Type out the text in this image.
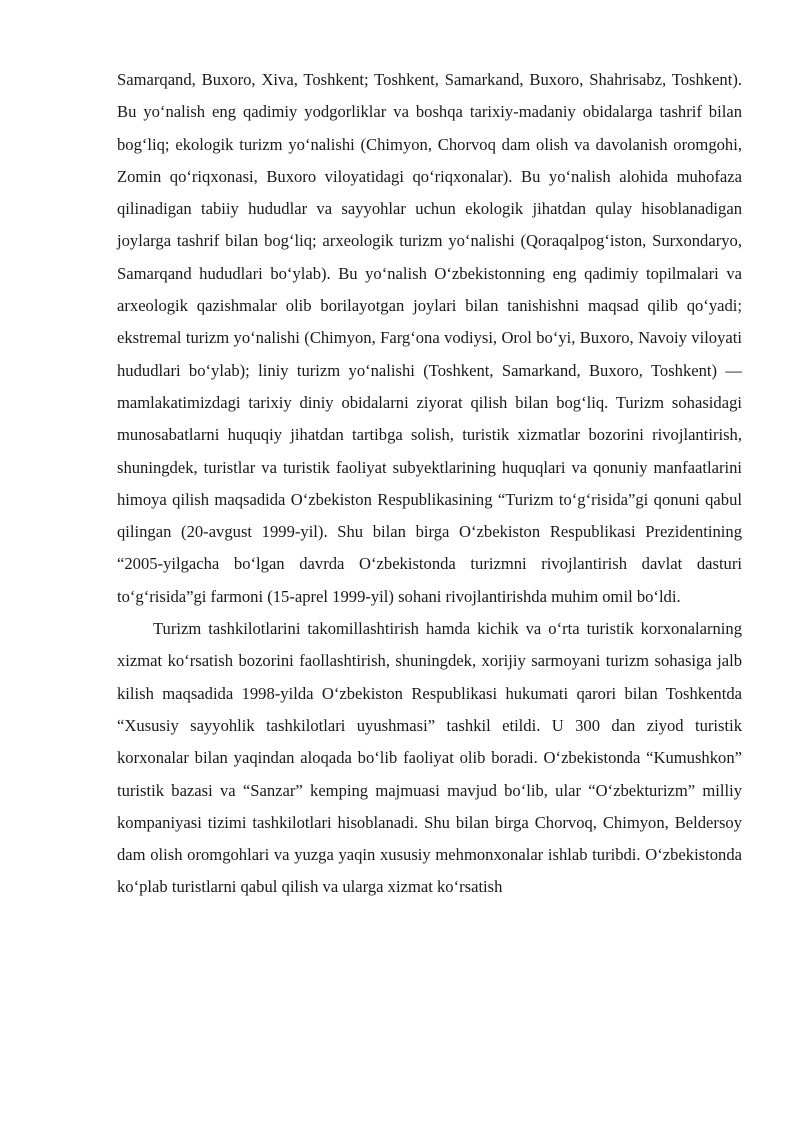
Samarqand, Buxoro, Xiva, Toshkent; Toshkent, Samarkand, Buxoro, Shahrisabz, Toshkent). Bu yo‘nalish eng qadimiy yodgorliklar va boshqa tarixiy-madaniy obidalarga tashrif bilan bog‘liq; ekologik turizm yo‘nalishi (Chimyon, Chorvoq dam olish va davolanish oromgohi, Zomin qo‘riqxonasi, Buxoro viloyatidagi qo‘riqxonalar). Bu yo‘nalish alohida muhofaza qilinadigan tabiiy hududlar va sayyohlar uchun ekologik jihatdan qulay hisoblanadigan joylarga tashrif bilan bog‘liq; arxeologik turizm yo‘nalishi (Qoraqalpog‘iston, Surxondaryo, Samarqand hududlari bo‘ylab). Bu yo‘nalish O‘zbekistonning eng qadimiy topilmalari va arxeologik qazishmalar olib borilayotgan joylari bilan tanishishni maqsad qilib qo‘yadi; ekstremal turizm yo‘nalishi (Chimyon, Farg‘ona vodiysi, Orol bo‘yi, Buxoro, Navoiy viloyati hududlari bo‘ylab); liniy turizm yo‘nalishi (Toshkent, Samarkand, Buxoro, Toshkent) — mamlakatimizdagi tarixiy diniy obidalarni ziyorat qilish bilan bog‘liq. Turizm sohasidagi munosabatlarni huquqiy jihatdan tartibga solish, turistik xizmatlar bozorini rivojlantirish, shuningdek, turistlar va turistik faoliyat subyektlarining huquqlari va qonuniy manfaatlarini himoya qilish maqsadida O‘zbekiston Respublikasining “Turizm to‘g‘risida”gi qonuni qabul qilingan (20-avgust 1999-yil). Shu bilan birga O‘zbekiston Respublikasi Prezidentining “2005-yilgacha bo‘lgan davrda O‘zbekistonda turizmni rivojlantirish davlat dasturi to‘g‘risida”gi farmoni (15-aprel 1999-yil) sohani rivojlantirishda muhim omil bo‘ldi.

Turizm tashkilotlarini takomillashtirish hamda kichik va o‘rta turistik korxonalarning xizmat ko‘rsatish bozorini faollashtirish, shuningdek, xorijiy sarmoyani turizm sohasiga jalb kilish maqsadida 1998-yilda O‘zbekiston Respublikasi hukumati qarori bilan Toshkentda “Xususiy sayyohlik tashkilotlari uyushmasi” tashkil etildi. U 300 dan ziyod turistik korxonalar bilan yaqindan aloqada bo‘lib faoliyat olib boradi. O‘zbekistonda “Kumushkon” turistik bazasi va “Sanzar” kemping majmuasi mavjud bo‘lib, ular “O‘zbekturizm” milliy kompaniyasi tizimi tashkilotlari hisoblanadi. Shu bilan birga Chorvoq, Chimyon, Beldersoy dam olish oromgohlari va yuzga yaqin xususiy mehmonxonalar ishlab turibdi. O‘zbekistonda ko‘plab turistlarni qabul qilish va ularga xizmat ko‘rsatish
